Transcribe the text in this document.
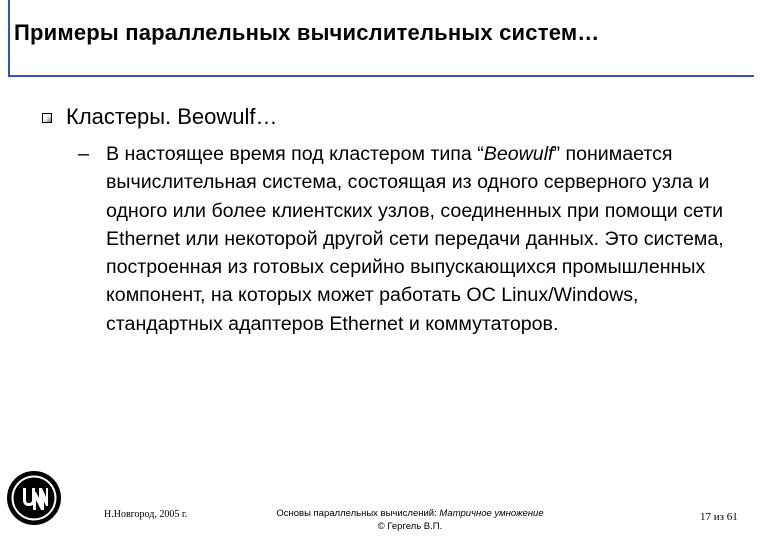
Примеры параллельных вычислительных систем…
Кластеры. Beowulf…
– В настоящее время под кластером типа “Beowulf” понимается вычислительная система, состоящая из одного серверного узла и одного или более клиентских узлов, соединенных при помощи сети Ethernet или некоторой другой сети передачи данных. Это система, построенная из готовых серийно выпускающихся промышленных компонент, на которых может работать ОС Linux/Windows, стандартных адаптеров Ethernet и коммутаторов.
Н.Новгород, 2005 г.	Основы параллельных вычислений: Матричное умножение
© Гергель В.П.
17 из 61
